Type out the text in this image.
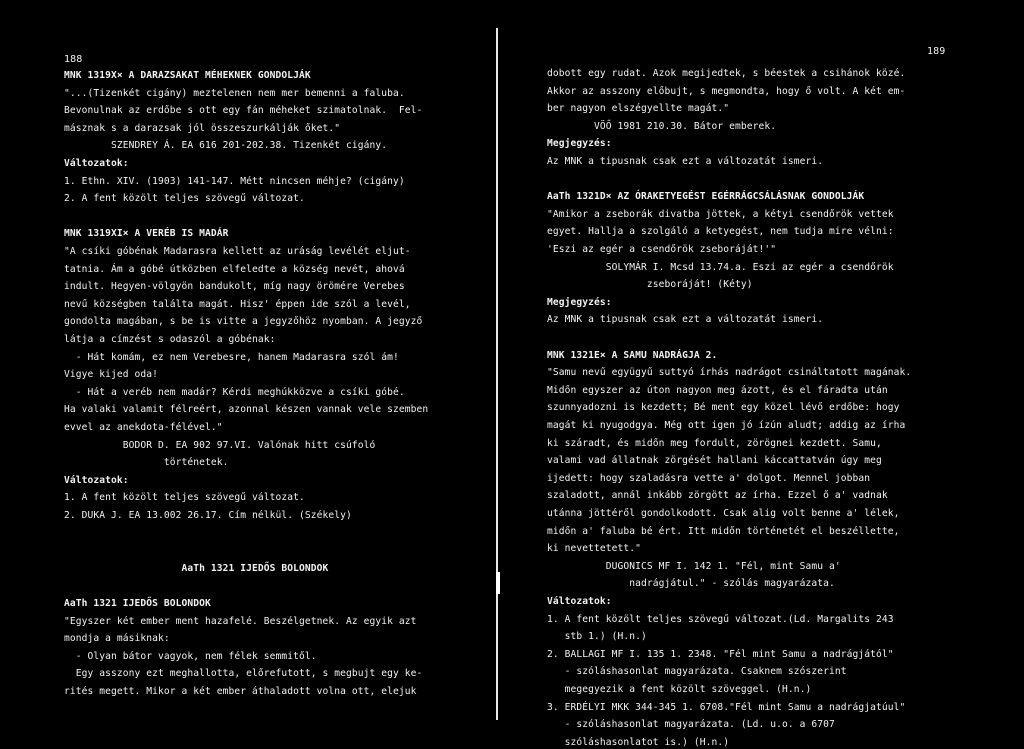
188
MNK 1319X× A DARAZSAKAT MÉHEKNEK GONDOLJÁK
"...(Tizenkét cigány) meztelenen nem mer bemenni a faluba.
Bevonulnak az erdőbe s ott egy fán méheket szimatolnak.  Fel-
másznak s a darazsak jól összeszurkálják őket."
SZENDREY Á. EA 616 201-202.38. Tizenkét cigány.
Változatok:
1. Ethn. XIV. (1903) 141-147. Métt nincsen méhje? (cigány)
2. A fent közölt teljes szövegű változat.
MNK 1319XI× A VERÉB IS MADÁR
"A csíki góbénak Madarasra kellett az uráság levélét eljut-
tatnia. Ám a góbé útközben elfeledte a község nevét, ahová
indult. Hegyen-völgyön bandukolt, míg nagy örömére Verebes
nevű községben találta magát. Hisz' éppen ide szól a levél,
gondolta magában, s be is vitte a jegyzőhöz nyomban. A jegyző
látja a címzést s odaszól a góbénak:
- Hát komám, ez nem Verebesre, hanem Madarasra szól ám!
Vigye kijed oda!
- Hát a veréb nem madár? Kérdi meghúkközve a csíki góbé.
Ha valaki valamit félreért, azonnal készen vannak vele szemben
evvel az anekdota-félével."
BODOR D. EA 902 97.VI. Valónak hitt csúfoló
történetek.
Változatok:
1. A fent közölt teljes szövegű változat.
2. DUKA J. EA 13.002 26.17. Cím nélkül. (Székely)
AaTh 1321 IJEDŐS BOLONDOK
AaTh 1321 IJEDŐS BOLONDOK
"Egyszer két ember ment hazafelé. Beszélgetnek. Az egyik azt
mondja a másiknak:
- Olyan bátor vagyok, nem félek semmitől.
Egy asszony ezt meghallotta, előrefutott, s megbujt egy ke-
rités megett. Mikor a két ember áthaladott volna ott, elejuk
189
dobott egy rudat. Azok megijedtek, s béestek a csihánok közé.
Akkor az asszony előbujt, s megmondta, hogy ő volt. A két em-
ber nagyon elszégyellte magát."
VÖŐ 1981 210.30. Bátor emberek.
Megjegyzés:
Az MNK a tipusnak csak ezt a változatát ismeri.
AaTh 1321D× AZ ÓRAKETYEGÉST EGÉRRÁGCSÁLÁSNAK GONDOLJÁK
"Amikor a zseborák divatba jöttek, a kétyi csendőrök vettek
egyet. Hallja a szolgáló a ketyegést, nem tudja mire vélni:
'Eszi az egér a csendőrök zseboráját!'"
SOLYMÁR I. Mcsd 13.74.a. Eszi az egér a csendőrök
zseboráját! (Kéty)
Megjegyzés:
Az MNK a tipusnak csak ezt a változatát ismeri.
MNK 1321E× A SAMU NADRÁGJA 2.
"Samu nevű együgyű suttyó írhás nadrágot csináltatott magának.
Midőn egyszer az úton nagyon meg ázott, és el fáradta után
szunnyadozni is kezdett; Bé ment egy közel lévő erdőbe: hogy
magát ki nyugodgya. Még ott igen jó ízún aludt; addig az írha
ki száradt, és midőn meg fordult, zörögnei kezdett. Samu,
valami vad állatnak zörgését hallani káccattatván úgy meg
ijedett: hogy szaladásra vette a' dolgot. Mennel jobban
szaladott, annál inkább zörgött az írha. Ezzel ő a' vadnak
utánna jöttéről gondolkodott. Csak alig volt benne a' lélek,
midőn a' faluba bé ért. Itt midőn történetét el beszéllette,
ki nevettetett."
DUGONICS MF I. 142 1. "Fél, mint Samu a'
nadrágjátul." - szólás magyarázata.
Változatok:
1. A fent közölt teljes szövegű változat.(Ld. Margalits 243
stb 1.) (H.n.)
2. BALLAGI MF I. 135 1. 2348. "Fél mint Samu a nadrágjától"
- szóláshasonlat magyarázata. Csaknem szószerint
megegyezik a fent közölt szöveggel. (H.n.)
3. ERDÉLYI MKK 344-345 1. 6708."Fél mint Samu a nadrágjatúul"
- szóláshasonlat magyarázata. (Ld. u.o. a 6707
szóláshasonlatot is.) (H.n.)
